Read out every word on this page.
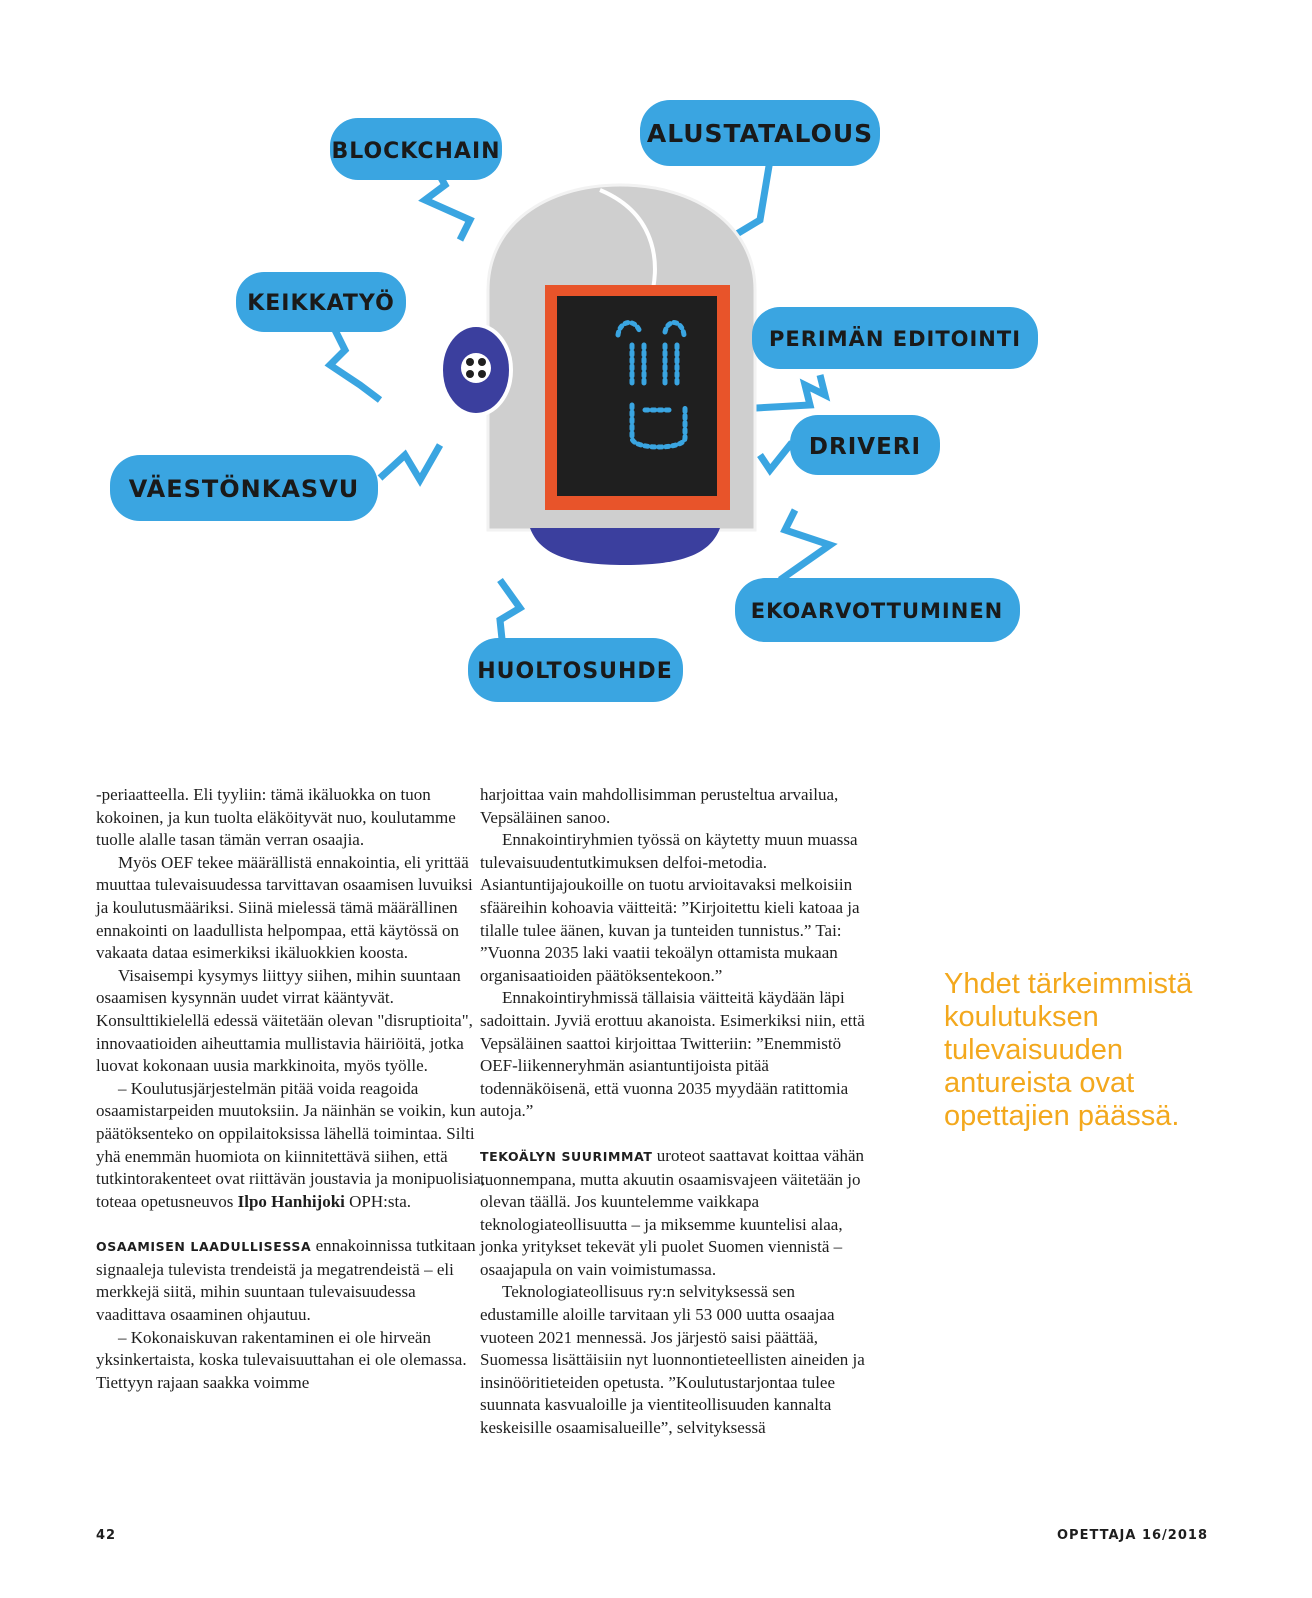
BLOCKCHAIN
ALUSTATALOUS
KEIKKATYÖ
PERIMÄN EDITOINTI
DRIVERI
VÄESTÖNKASVU
EKOARVOTTUMINEN
HUOLTOSUHDE

-periaatteella. Eli tyyliin: tämä ikäluokka on tuon kokoinen, ja kun tuolta eläköityvät nuo, koulutamme tuolle alalle tasan tämän verran osaajia.

Myös OEF tekee määrällistä ennakointia, eli yrittää muuttaa tulevaisuudessa tarvittavan osaamisen luvuiksi ja koulutusmääriksi. Siinä mielessä tämä määrällinen ennakointi on laadullista helpompaa, että käytössä on vakaata dataa esimerkiksi ikäluokkien koosta.

Visaisempi kysymys liittyy siihen, mihin suuntaan osaamisen kysynnän uudet virrat kääntyvät. Konsulttikielellä edessä väitetään olevan "disruptioita", innovaatioiden aiheuttamia mullistavia häiriöitä, jotka luovat kokonaan uusia markkinoita, myös työlle.

– Koulutusjärjestelmän pitää voida reagoida osaamistarpeiden muutoksiin. Ja näinhän se voikin, kun päätöksenteko on oppilaitoksissa lähellä toimintaa. Silti yhä enemmän huomiota on kiinnitettävä siihen, että tutkintorakenteet ovat riittävän joustavia ja monipuolisia, toteaa opetusneuvos Ilpo Hanhijoki OPH:sta.

OSAAMISEN LAADULLISESSA ennakoinnissa tutkitaan signaaleja tulevista trendeistä ja megatrendeistä – eli merkkejä siitä, mihin suuntaan tulevaisuudessa vaadittava osaaminen ohjautuu.

– Kokonaiskuvan rakentaminen ei ole hirveän yksinkertaista, koska tulevaisuuttahan ei ole olemassa. Tiettyyn rajaan saakka voimme

harjoittaa vain mahdollisimman perusteltua arvailua, Vepsäläinen sanoo.

Ennakointiryhmien työssä on käytetty muun muassa tulevaisuudentutkimuksen delfoi-metodia. Asiantuntijajoukoille on tuotu arvioitavaksi melkoisiin sfääreihin kohoavia väitteitä: ”Kirjoitettu kieli katoaa ja tilalle tulee äänen, kuvan ja tunteiden tunnistus.” Tai: ”Vuonna 2035 laki vaatii tekoälyn ottamista mukaan organisaatioiden päätöksentekoon.”

Ennakointiryhmissä tällaisia väitteitä käydään läpi sadoittain. Jyviä erottuu akanoista. Esimerkiksi niin, että Vepsäläinen saattoi kirjoittaa Twitteriin: ”Enemmistö OEF-liikenneryhmän asiantuntijoista pitää todennäköisenä, että vuonna 2035 myydään ratittomia autoja.”

TEKOÄLYN SUURIMMAT uroteot saattavat koittaa vähän tuonnempana, mutta akuutin osaamisvajeen väitetään jo olevan täällä. Jos kuuntelemme vaikkapa teknologiateollisuutta – ja miksemme kuuntelisi alaa, jonka yritykset tekevät yli puolet Suomen viennistä – osaajapula on vain voimistumassa.

Teknologiateollisuus ry:n selvityksessä sen edustamille aloille tarvitaan yli 53 000 uutta osaajaa vuoteen 2021 mennessä. Jos järjestö saisi päättää, Suomessa lisättäisiin nyt luonnontieteellisten aineiden ja insinööritieteiden opetusta. ”Koulutustarjontaa tulee suunnata kasvualoille ja vientiteollisuuden kannalta keskeisille osaamisalueille”, selvityksessä

Yhdet tärkeimmistä koulutuksen tulevaisuuden antureista ovat opettajien päässä.
42	OPETTAJA 16/2018
